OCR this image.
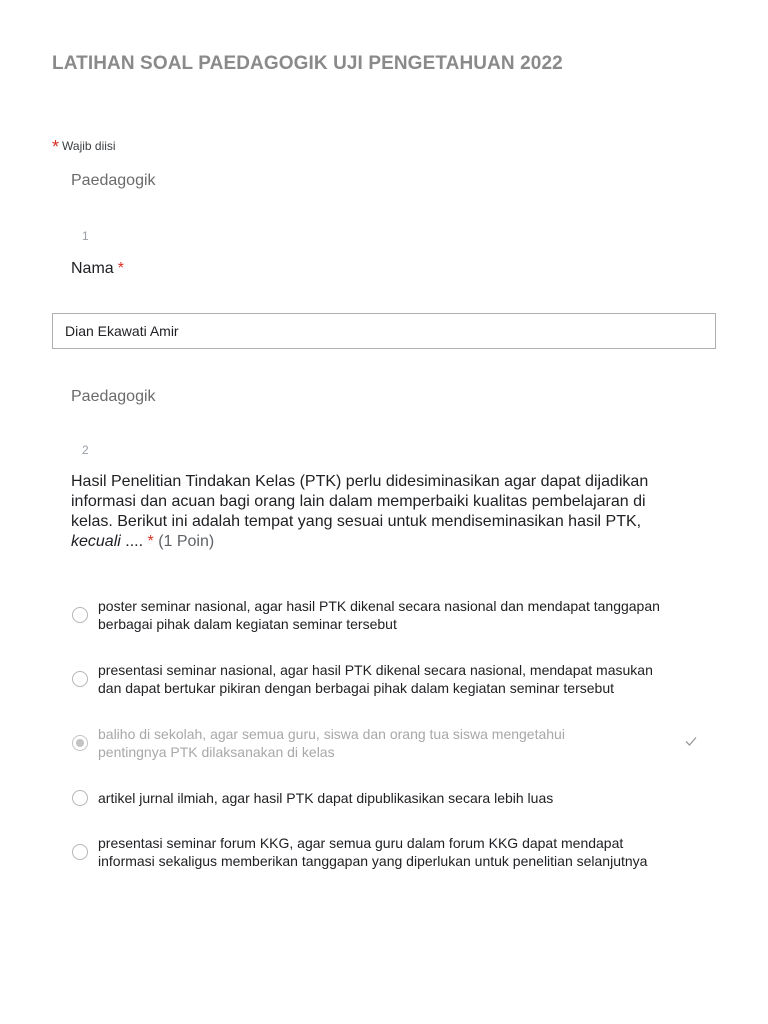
LATIHAN SOAL PAEDAGOGIK UJI PENGETAHUAN 2022
* Wajib diisi
Paedagogik
1
Nama *
Dian Ekawati Amir
Paedagogik
2

Hasil Penelitian Tindakan Kelas (PTK) perlu didesiminasikan agar dapat dijadikan

informasi dan acuan bagi orang lain dalam memperbaiki kualitas pembelajaran di

kelas. Berikut ini adalah tempat yang sesuai untuk mendiseminasikan hasil PTK,

kecuali .... * (1 Poin)

poster seminar nasional, agar hasil PTK dikenal secara nasional dan mendapat tanggapan
berbagai pihak dalam kegiatan seminar tersebut
presentasi seminar nasional, agar hasil PTK dikenal secara nasional, mendapat masukan
dan dapat bertukar pikiran dengan berbagai pihak dalam kegiatan seminar tersebut
baliho di sekolah, agar semua guru, siswa dan orang tua siswa mengetahui
pentingnya PTK dilaksanakan di kelas
artikel jurnal ilmiah, agar hasil PTK dapat dipublikasikan secara lebih luas
presentasi seminar forum KKG, agar semua guru dalam forum KKG dapat mendapat
informasi sekaligus memberikan tanggapan yang diperlukan untuk penelitian selanjutnya
